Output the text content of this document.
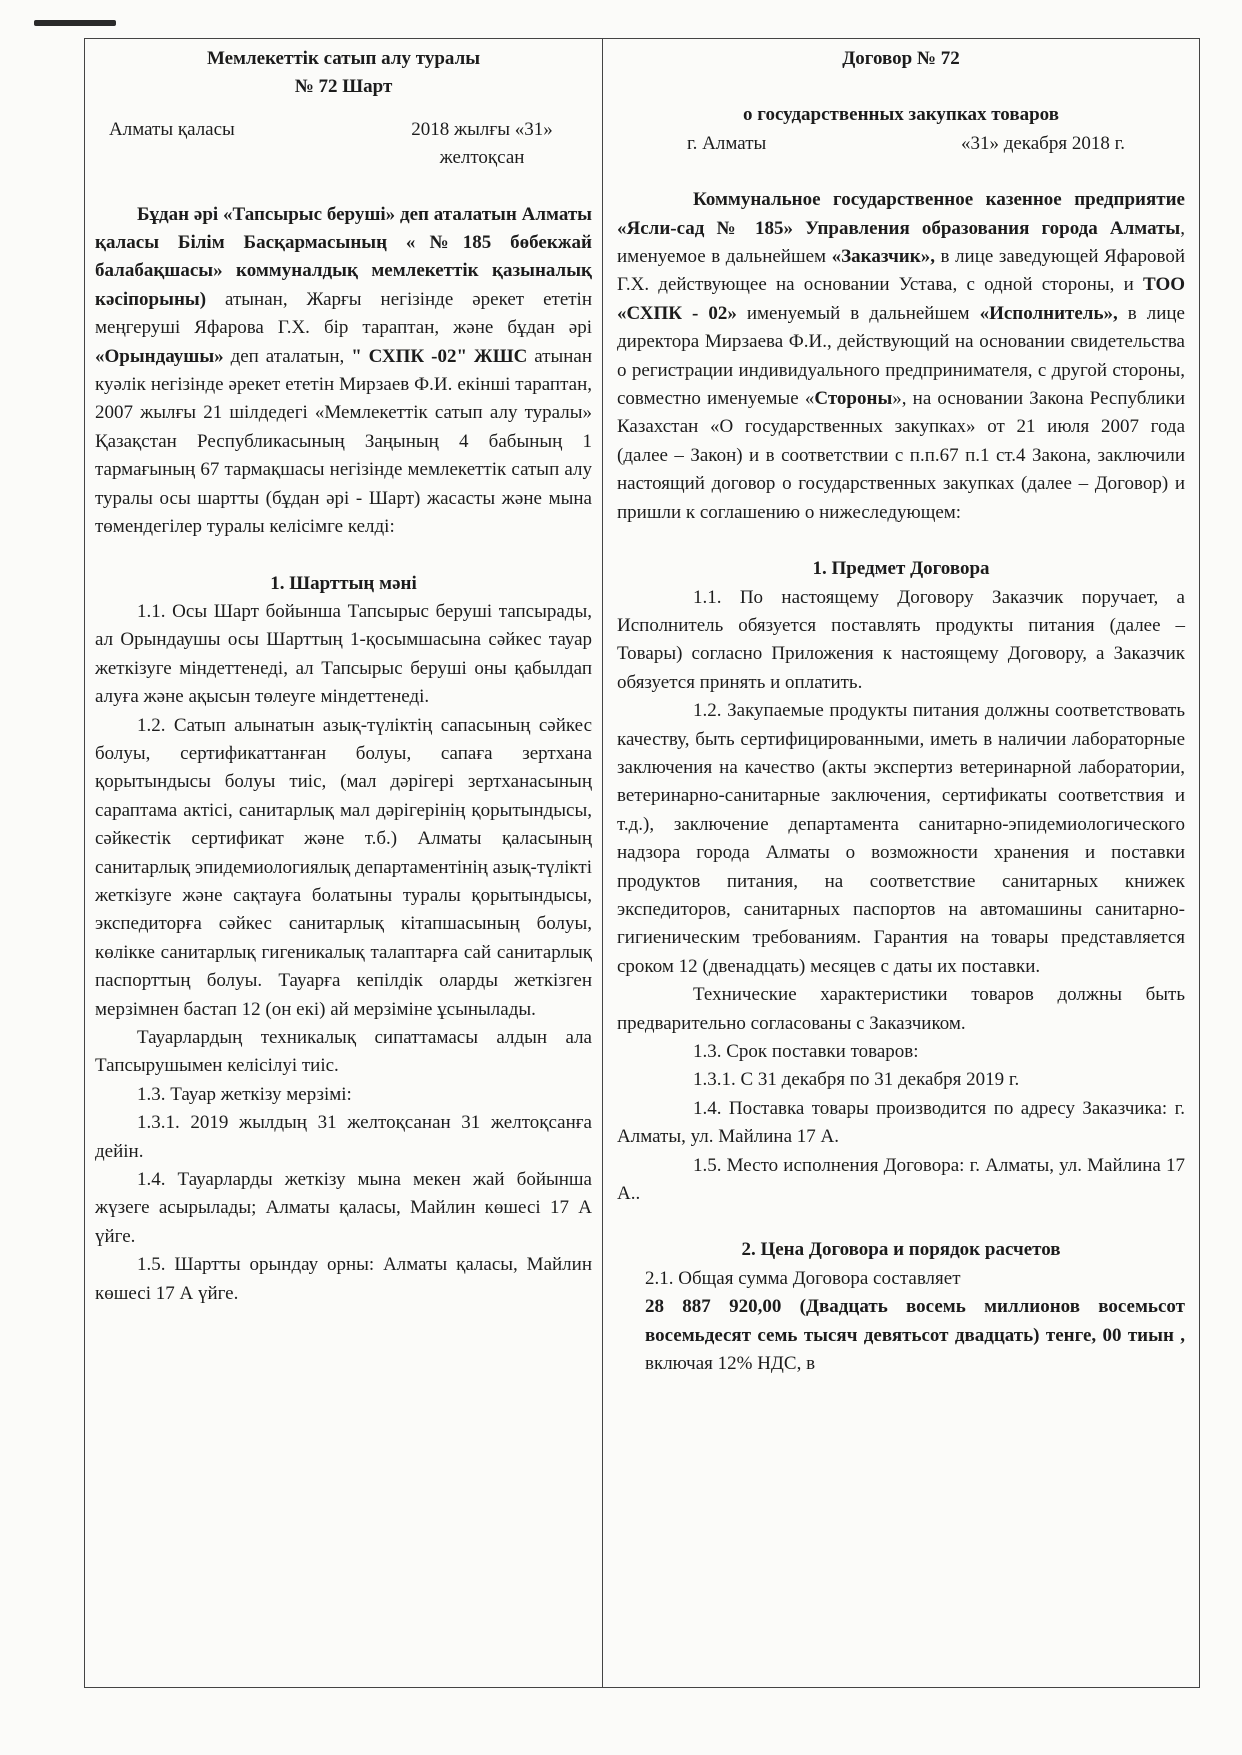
Мемлекеттік сатып алу туралы

№ 72 Шарт

Алматы қаласы	2018 жылғы «31»
желтоқсан

Бұдан әрі «Тапсырыс беруші» деп аталатын Алматы қаласы Білім Басқармасының «№185 бөбекжай балабақшасы» коммуналдық мемлекеттік қазыналық кәсіпорыны) атынан, Жарғы негізінде әрекет ететін меңгеруші Яфарова Г.Х. бір тараптан, және бұдан әрі «Орындаушы» деп аталатын, " СХПК -02" ЖШС атынан куәлік негізінде әрекет ететін Мирзаев Ф.И. екінші тараптан, 2007 жылғы 21 шілдедегі «Мемлекеттік сатып алу туралы» Қазақстан Республикасының Заңының 4 бабының 1 тармағының 67 тармақшасы негізінде мемлекеттік сатып алу туралы осы шартты (бұдан әрі - Шарт) жасасты және мына төмендегілер туралы келісімге келді:

1. Шарттың мәні

1.1. Осы Шарт бойынша Тапсырыс беруші тапсырады, ал Орындаушы осы Шарттың 1-қосымшасына сәйкес тауар жеткізуге міндеттенеді, ал Тапсырыс беруші оны қабылдап алуға және ақысын төлеуге міндеттенеді.

1.2. Сатып алынатын азық-түліктің сапасының сәйкес болуы, сертификаттанған болуы, сапаға зертхана қорытындысы болуы тиіс, (мал дәрігері зертханасының сараптама актісі, санитарлық мал дәрігерінің қорытындысы, сәйкестік сертификат және т.б.) Алматы қаласының санитарлық эпидемиологиялық департаментінің азық-түлікті жеткізуге және сақтауға болатыны туралы қорытындысы, экспедиторға сәйкес санитарлық кітапшасының болуы, көлікке санитарлық гигеникалық талаптарға сай санитарлық паспорттың болуы. Тауарға кепілдік оларды жеткізген мерзімнен бастап 12 (он екі) ай мерзіміне ұсынылады.

Тауарлардың техникалық сипаттамасы алдын ала Тапсырушымен келісілуі тиіс.

1.3. Тауар жеткізу мерзімі:

1.3.1. 2019 жылдың 31 желтоқсанан 31 желтоқсанға дейін.

1.4. Тауарларды жеткізу мына мекен жай бойынша жүзеге асырылады; Алматы қаласы, Майлин көшесі 17 А үйге.

1.5. Шартты орындау орны: Алматы қаласы, Майлин көшесі 17 А үйге.

Договор № 72

о государственных закупках товаров

г. Алматы	«31» декабря 2018 г.

Коммунальное государственное казенное предприятие «Ясли-сад № 185» Управления образования города Алматы, именуемое в дальнейшем «Заказчик», в лице заведующей Яфаровой Г.Х. действующее на основании Устава, с одной стороны, и ТОО «СХПК - 02» именуемый в дальнейшем «Исполнитель», в лице директора Мирзаева Ф.И., действующий на основании свидетельства о регистрации индивидуального предпринимателя, с другой стороны, совместно именуемые «Стороны», на основании Закона Республики Казахстан «О государственных закупках» от 21 июля 2007 года (далее – Закон) и в соответствии с п.п.67 п.1 ст.4 Закона, заключили настоящий договор о государственных закупках (далее – Договор) и пришли к соглашению о нижеследующем:

1. Предмет Договора

1.1. По настоящему Договору Заказчик поручает, а Исполнитель обязуется поставлять продукты питания (далее – Товары) согласно Приложения к настоящему Договору, а Заказчик обязуется принять и оплатить.

1.2. Закупаемые продукты питания должны соответствовать качеству, быть сертифицированными, иметь в наличии лабораторные заключения на качество (акты экспертиз ветеринарной лаборатории, ветеринарно-санитарные заключения, сертификаты соответствия и т.д.), заключение департамента санитарно-эпидемиологического надзора города Алматы о возможности хранения и поставки продуктов питания, на соответствие санитарных книжек экспедиторов, санитарных паспортов на автомашины санитарно-гигиеническим требованиям. Гарантия на товары представляется сроком 12 (двенадцать) месяцев с даты их поставки.

Технические характеристики товаров должны быть предварительно согласованы с Заказчиком.

1.3. Срок поставки товаров:

1.3.1. С 31 декабря по 31 декабря 2019 г.

1.4. Поставка товары производится по адресу Заказчика: г. Алматы, ул. Майлина 17 А.

1.5. Место исполнения Договора: г. Алматы, ул. Майлина 17 А..

2. Цена Договора и порядок расчетов

2.1. Общая сумма Договора составляет
28 887 920,00 (Двадцать восемь миллионов восемьсот восемьдесят семь тысяч девятьсот двадцать) тенге, 00 тиын , включая 12% НДС, в
